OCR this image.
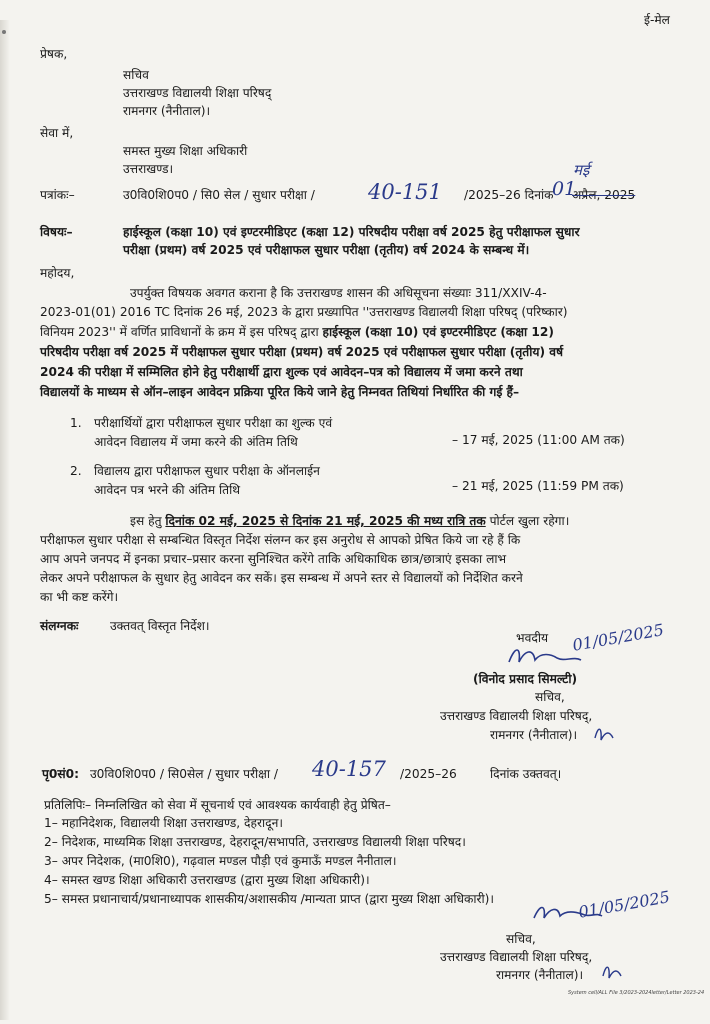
ई-मेल
प्रेषक,
सचिव
उत्तराखण्ड विद्यालयी शिक्षा परिषद्
रामनगर (नैनीताल)।
सेवा में,
समस्त मुख्य शिक्षा अधिकारी
उत्तराखण्ड।
पत्रांकः–	उ0वि0शि0प0 / सि0 सेल / सुधार परीक्षा /	40-151 /2025–26 दिनांक
01
मई
अप्रैल, 2025
विषयः–	हाईस्कूल (कक्षा 10) एवं इण्टरमीडिएट (कक्षा 12) परिषदीय परीक्षा वर्ष 2025 हेतु परीक्षाफल सुधार
परीक्षा (प्रथम) वर्ष 2025 एवं परीक्षाफल सुधार परीक्षा (तृतीय) वर्ष 2024 के सम्बन्ध में।
महोदय,
उपर्युक्त विषयक अवगत कराना है कि उत्तराखण्ड शासन की अधिसूचना संख्याः 311/XXIV-4-
2023-01(01) 2016 TC दिनांक 26 मई, 2023 के द्वारा प्रख्यापित ''उत्तराखण्ड विद्यालयी शिक्षा परिषद् (परिष्कार)
विनियम 2023'' में वर्णित प्राविधानों के क्रम में इस परिषद् द्वारा हाईस्कूल (कक्षा 10) एवं इण्टरमीडिएट (कक्षा 12)
परिषदीय परीक्षा वर्ष 2025 में परीक्षाफल सुधार परीक्षा (प्रथम) वर्ष 2025 एवं परीक्षाफल सुधार परीक्षा (तृतीय) वर्ष
2024 की परीक्षा में सम्मिलित होने हेतु परीक्षार्थी द्वारा शुल्क एवं आवेदन–पत्र को विद्यालय में जमा करने तथा
विद्यालयों के माध्यम से ऑन–लाइन आवेदन प्रक्रिया पूरित किये जाने हेतु निम्नवत तिथियां निर्धारित की गई हैं–
1. परीक्षार्थियों द्वारा परीक्षाफल सुधार परीक्षा का शुल्क एवं
आवेदन विद्यालय में जमा करने की अंतिम तिथि	– 17 मई, 2025 (11:00 AM तक)
2. विद्यालय द्वारा परीक्षाफल सुधार परीक्षा के ऑनलाईन
आवेदन पत्र भरने की अंतिम तिथि	– 21 मई, 2025 (11:59 PM तक)
इस हेतु दिनांक 02 मई, 2025 से दिनांक 21 मई, 2025 की मध्य रात्रि तक पोर्टल खुला रहेगा।
परीक्षाफल सुधार परीक्षा से सम्बन्धित विस्तृत निर्देश संलग्न कर इस अनुरोध से आपको प्रेषित किये जा रहे हैं कि
आप अपने जनपद में इनका प्रचार–प्रसार करना सुनिश्चित करेंगे ताकि अधिकाधिक छात्र/छात्राएं इसका लाभ
लेकर अपने परीक्षाफल के सुधार हेतु आवेदन कर सकें। इस सम्बन्ध में अपने स्तर से विद्यालयों को निर्देशित करने
का भी कष्ट करेंगे।
संलग्नकः	उक्तवत् विस्तृत निर्देश।
भवदीय 01/05/2025
(विनोद प्रसाद सिमल्टी)
सचिव,
उत्तराखण्ड विद्यालयी शिक्षा परिषद्,
रामनगर (नैनीताल)।
पृ0सं0: उ0वि0शि0प0 / सि0सेल / सुधार परीक्षा / 40-157 /2025–26	दिनांक उक्तवत्।
प्रतिलिपिः– निम्नलिखित को सेवा में सूचनार्थ एवं आवश्यक कार्यवाही हेतु प्रेषित–
1– महानिदेशक, विद्यालयी शिक्षा उत्तराखण्ड, देहरादून।
2– निदेशक, माध्यमिक शिक्षा उत्तराखण्ड, देहरादून/सभापति, उत्तराखण्ड विद्यालयी शिक्षा परिषद।
3– अपर निदेशक, (मा0शि0), गढ़वाल मण्डल पौड़ी एवं कुमाऊँ मण्डल नैनीताल।
4– समस्त खण्ड शिक्षा अधिकारी उत्तराखण्ड (द्वारा मुख्य शिक्षा अधिकारी)।
5– समस्त प्रधानाचार्य/प्रधानाध्यापक शासकीय/अशासकीय /मान्यता प्राप्त (द्वारा मुख्य शिक्षा अधिकारी)।	01/05/2025
सचिव,
उत्तराखण्ड विद्यालयी शिक्षा परिषद्,
रामनगर (नैनीताल)।
System cell/ALL File 3/2023-2024letter/Letter 2023-24
